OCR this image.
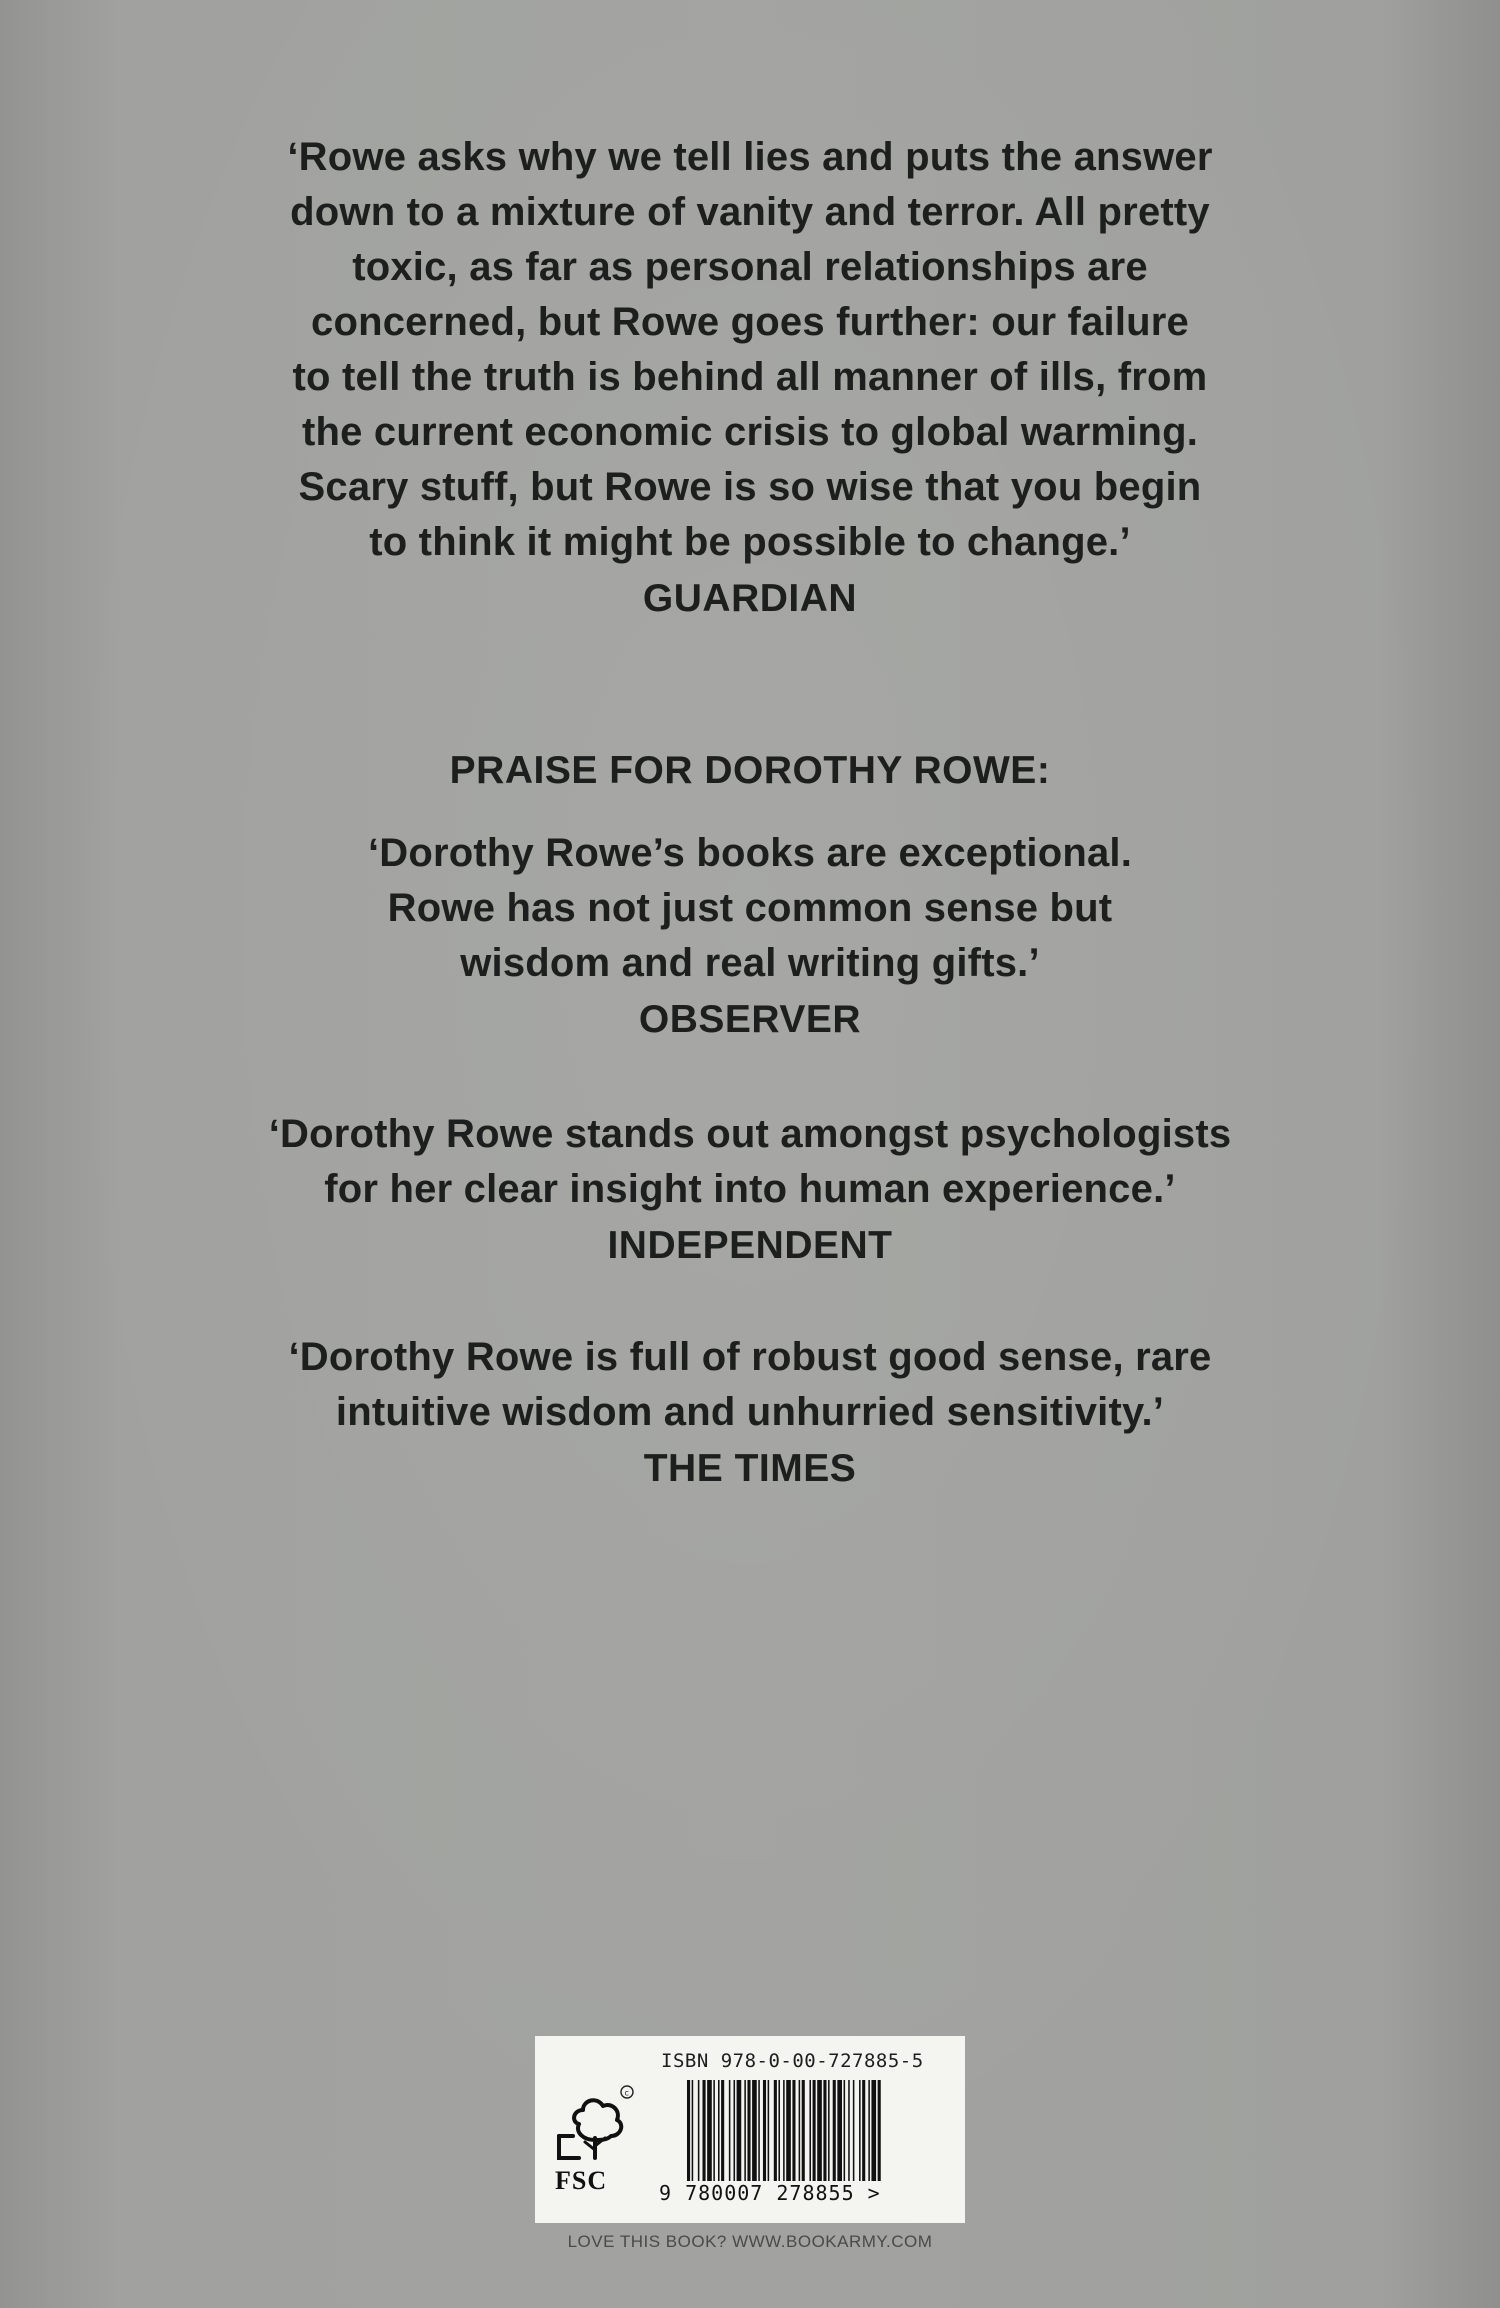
‘Rowe asks why we tell lies and puts the answer
down to a mixture of vanity and terror. All pretty
toxic, as far as personal relationships are
concerned, but Rowe goes further: our failure
to tell the truth is behind all manner of ills, from
the current economic crisis to global warming.
Scary stuff, but Rowe is so wise that you begin
to think it might be possible to change.’
GUARDIAN
PRAISE FOR DOROTHY ROWE:
‘Dorothy Rowe’s books are exceptional.
Rowe has not just common sense but
wisdom and real writing gifts.’
OBSERVER
‘Dorothy Rowe stands out amongst psychologists
for her clear insight into human experience.’
INDEPENDENT
‘Dorothy Rowe is full of robust good sense, rare
intuitive wisdom and unhurried sensitivity.’
THE TIMES
ISBN 978-0-00-727885-5
c
FSC	9 780007 278855 >
LOVE THIS BOOK? WWW.BOOKARMY.COM
